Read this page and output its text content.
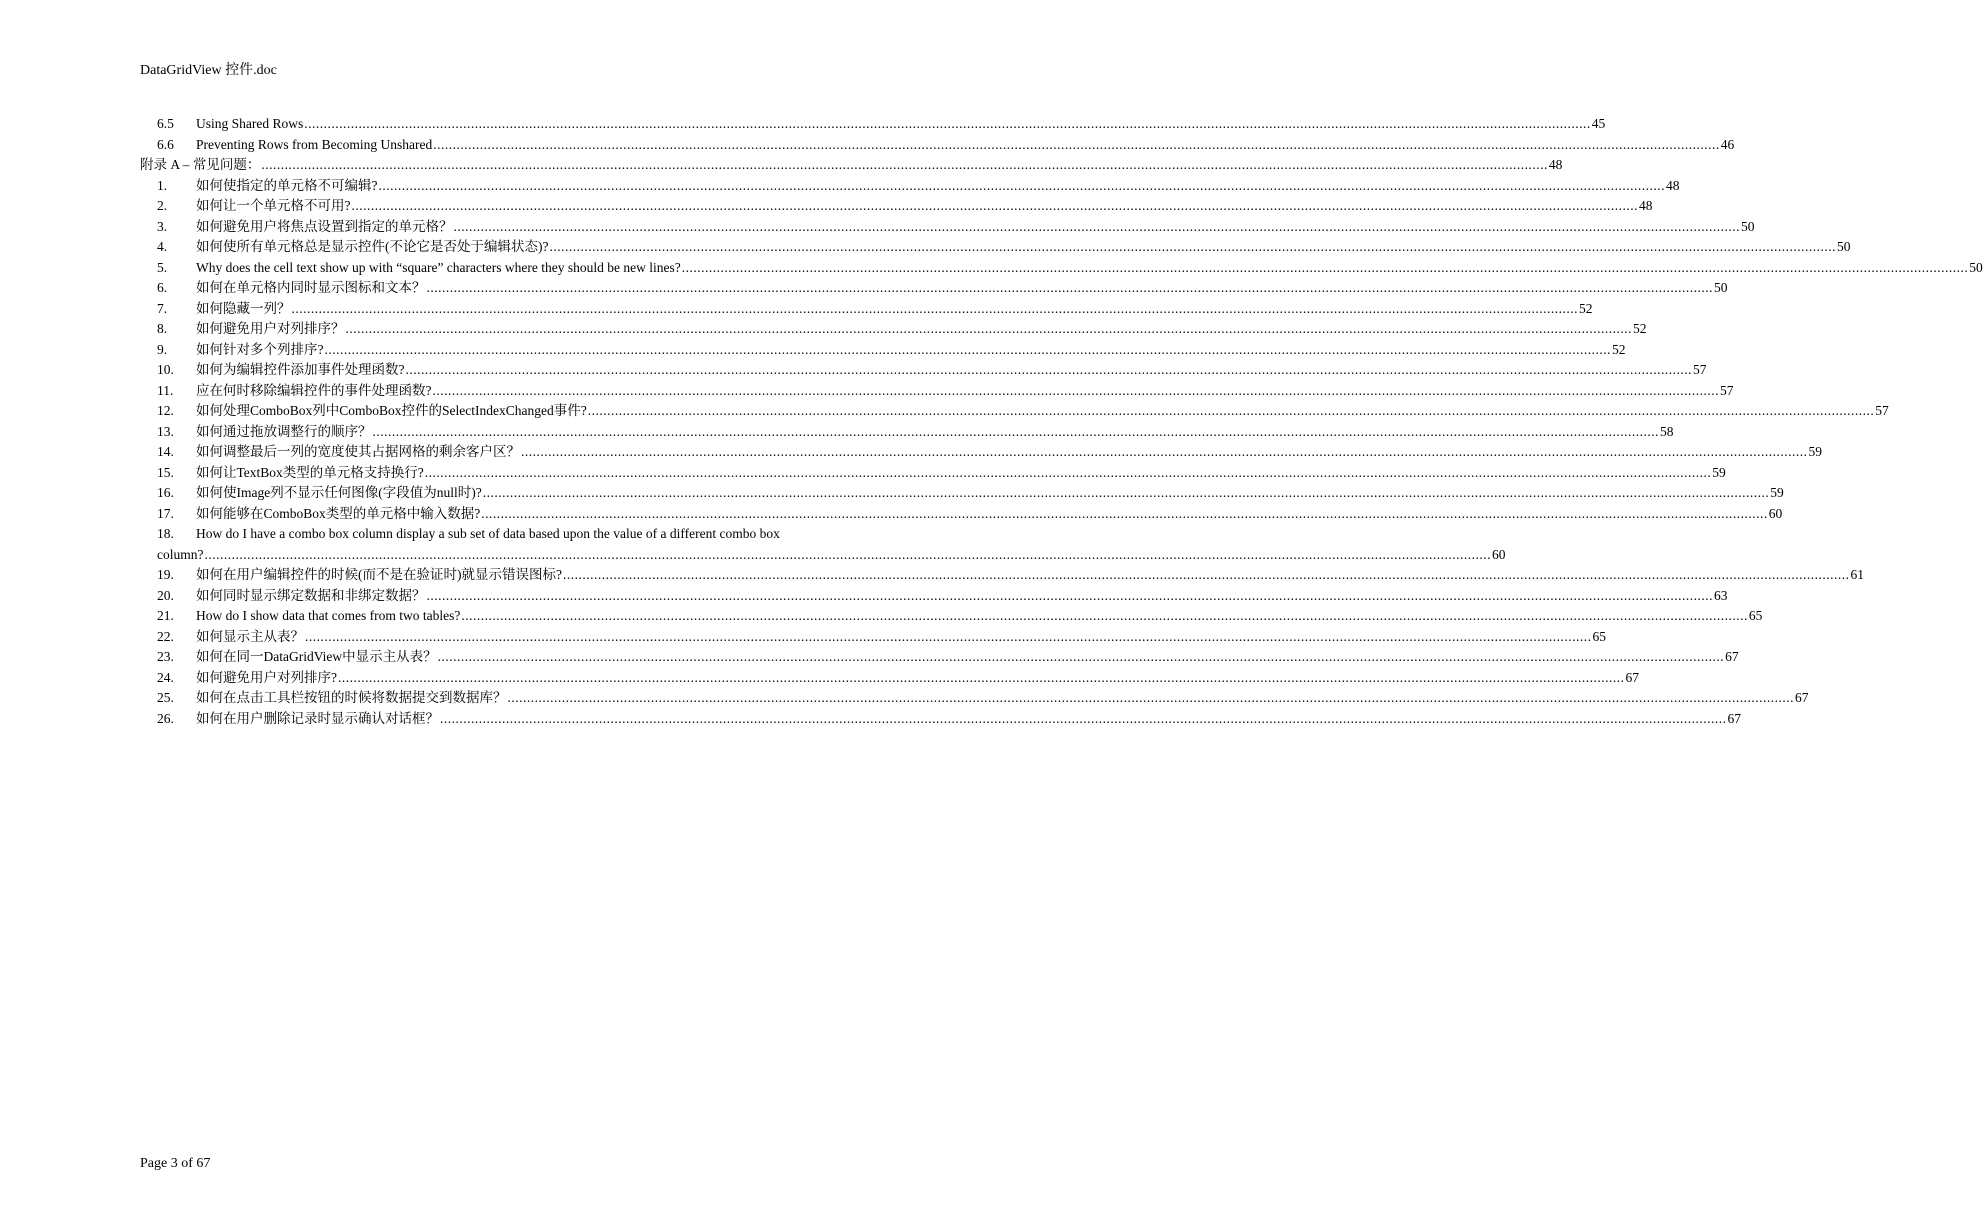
DataGridView 控件.doc
6.5	Using Shared Rows .....	45
6.6	Preventing Rows from Becoming Unshared .....	46
附录 A – 常见问题： .....	48
1.	如何使指定的单元格不可编辑? .....	48
2.	如何让一个单元格不可用? .....	48
3.	如何避免用户将焦点设置到指定的单元格？ .....	50
4.	如何使所有单元格总是显示控件(不论它是否处于编辑状态)? .....	50
5.	Why does the cell text show up with “square” characters where they should be new lines? .....	50
6.	如何在单元格内同时显示图标和文本？ .....	50
7.	如何隐藏一列？ .....	52
8.	如何避免用户对列排序？ .....	52
9.	如何针对多个列排序? .....	52
10.	如何为编辑控件添加事件处理函数? .....	57
11.	应在何时移除编辑控件的事件处理函数? .....	57
12.	如何处理ComboBox列中ComboBox控件的SelectIndexChanged事件? .....	57
13.	如何通过拖放调整行的顺序？ .....	58
14.	如何调整最后一列的宽度使其占据网格的剩余客户区？ .....	59
15.	如何让TextBox类型的单元格支持换行? .....	59
16.	如何使Image列不显示任何图像(字段值为null时)? .....	59
17.	如何能够在ComboBox类型的单元格中输入数据? .....	60
18. How do I have a combo box column display a sub set of data based upon the value of a different combo box
column? .....	60
19.	如何在用户编辑控件的时候(而不是在验证时)就显示错误图标? .....	61
20.	如何同时显示绑定数据和非绑定数据？ .....	63
21.	How do I show data that comes from two tables? .....	65
22.	如何显示主从表？ .....	65
23.	如何在同一DataGridView中显示主从表？ .....	67
24.	如何避免用户对列排序? .....	67
25.	如何在点击工具栏按钮的时候将数据提交到数据库？ .....	67
26.	如何在用户删除记录时显示确认对话框？ .....	67
Page 3 of 67
